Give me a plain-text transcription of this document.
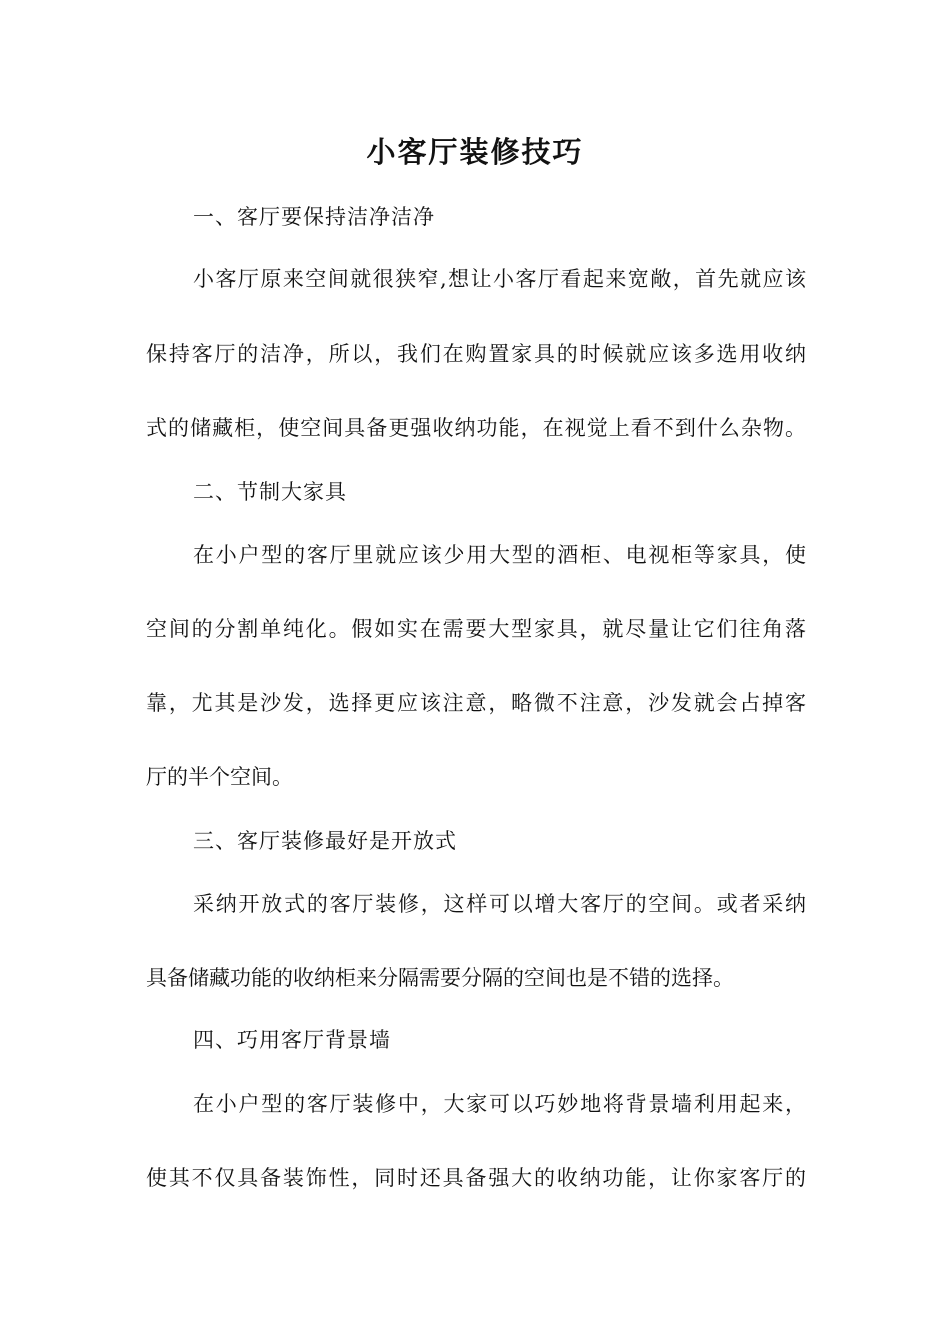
小客厅装修技巧

一、客厅要保持洁净洁净

小客厅原来空间就很狭窄,想让小客厅看起来宽敞，首先就应该

保持客厅的洁净，所以，我们在购置家具的时候就应该多选用收纳

式的储藏柜，使空间具备更强收纳功能，在视觉上看不到什么杂物。

二、节制大家具

在小户型的客厅里就应该少用大型的酒柜、电视柜等家具，使

空间的分割单纯化。假如实在需要大型家具，就尽量让它们往角落

靠，尤其是沙发，选择更应该注意，略微不注意，沙发就会占掉客

厅的半个空间。

三、客厅装修最好是开放式

采纳开放式的客厅装修，这样可以增大客厅的空间。或者采纳

具备储藏功能的收纳柜来分隔需要分隔的空间也是不错的选择。

四、巧用客厅背景墙

在小户型的客厅装修中，大家可以巧妙地将背景墙利用起来，

使其不仅具备装饰性，同时还具备强大的收纳功能，让你家客厅的
